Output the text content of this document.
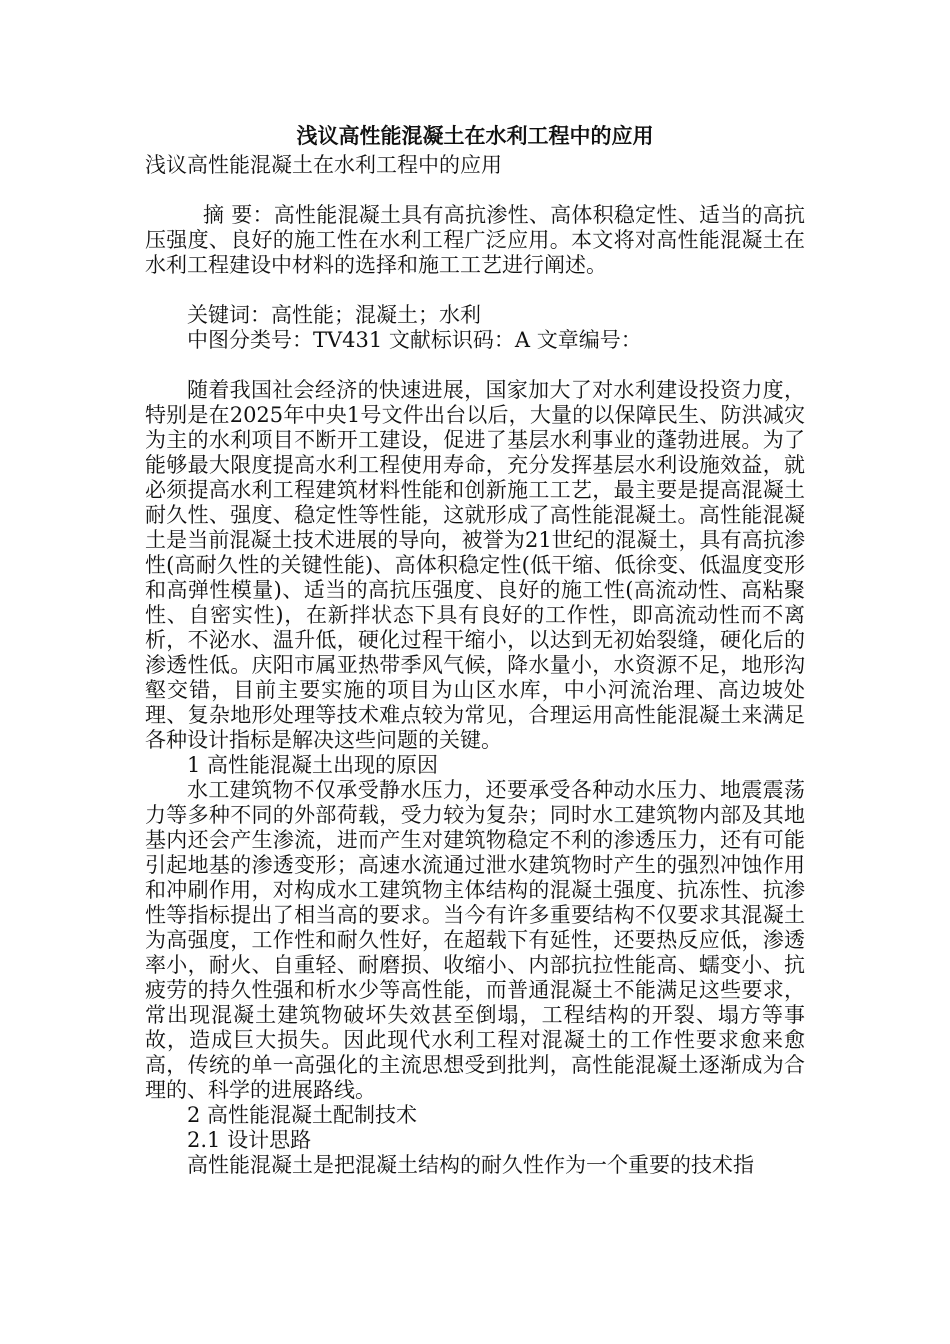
浅议高性能混凝土在水利工程中的应用
浅议高性能混凝土在水利工程中的应用

摘 要：高性能混凝土具有高抗渗性、高体积稳定性、适当的高抗压强度、良好的施工性在水利工程广泛应用。本文将对高性能混凝土在水利工程建设中材料的选择和施工工艺进行阐述。

关键词：高性能；混凝土；水利
中图分类号：TV431 文献标识码：A 文章编号：

随着我国社会经济的快速进展，国家加大了对水利建设投资力度，特别是在2025年中央1号文件出台以后，大量的以保障民生、防洪减灾为主的水利项目不断开工建设，促进了基层水利事业的蓬勃进展。为了能够最大限度提高水利工程使用寿命，充分发挥基层水利设施效益，就必须提高水利工程建筑材料性能和创新施工工艺，最主要是提高混凝土耐久性、强度、稳定性等性能，这就形成了高性能混凝土。高性能混凝土是当前混凝土技术进展的导向，被誉为21世纪的混凝土，具有高抗渗性(高耐久性的关键性能)、高体积稳定性(低干缩、低徐变、低温度变形和高弹性模量)、适当的高抗压强度、良好的施工性(高流动性、高粘聚性、自密实性)，在新拌状态下具有良好的工作性，即高流动性而不离析，不泌水、温升低，硬化过程干缩小，以达到无初始裂缝，硬化后的渗透性低。庆阳市属亚热带季风气候，降水量小，水资源不足，地形沟壑交错，目前主要实施的项目为山区水库，中小河流治理、高边坡处理、复杂地形处理等技术难点较为常见，合理运用高性能混凝土来满足各种设计指标是解决这些问题的关键。

1 高性能混凝土出现的原因

水工建筑物不仅承受静水压力，还要承受各种动水压力、地震震荡力等多种不同的外部荷载，受力较为复杂；同时水工建筑物内部及其地基内还会产生渗流，进而产生对建筑物稳定不利的渗透压力，还有可能引起地基的渗透变形；高速水流通过泄水建筑物时产生的强烈冲蚀作用和冲刷作用，对构成水工建筑物主体结构的混凝土强度、抗冻性、抗渗性等指标提出了相当高的要求。当今有许多重要结构不仅要求其混凝土为高强度，工作性和耐久性好，在超载下有延性，还要热反应低，渗透率小，耐火、自重轻、耐磨损、收缩小、内部抗拉性能高、蠕变小、抗疲劳的持久性强和析水少等高性能，而普通混凝土不能满足这些要求，常出现混凝土建筑物破坏失效甚至倒塌，工程结构的开裂、塌方等事故，造成巨大损失。因此现代水利工程对混凝土的工作性要求愈来愈高，传统的单一高强化的主流思想受到批判，高性能混凝土逐渐成为合理的、科学的进展路线。

2 高性能混凝土配制技术
2.1 设计思路

高性能混凝土是把混凝土结构的耐久性作为一个重要的技术指
